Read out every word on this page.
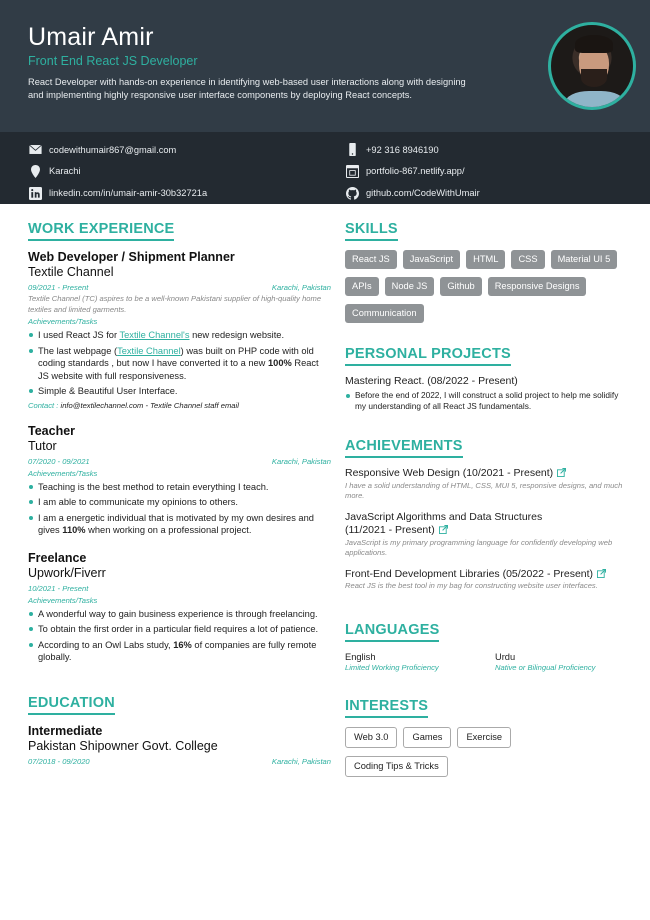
Umair Amir
Front End React JS Developer

React Developer with hands-on experience in identifying web-based user interactions along with designing and implementing highly responsive user interface components by deploying React concepts.

codewithumair867@gmail.com	+92 316 8946190
Karachi	portfolio-867.netlify.app/
linkedin.com/in/umair-amir-30b32721a	github.com/CodeWithUmair
WORK EXPERIENCE
Web Developer / Shipment Planner
Textile Channel
09/2021 - Present	Karachi, Pakistan
Textile Channel (TC) aspires to be a well-known Pakistani supplier of high-quality home textiles and limited garments.
Achievements/Tasks
I used React JS for Textile Channel's new redesign website.
The last webpage (Textile Channel) was built on PHP code with old coding standards , but now I have converted it to a new 100% React JS website with full responsiveness.
Simple & Beautiful User Interface.
Contact : info@textilechannel.com - Textile Channel staff email
Teacher
Tutor
07/2020 - 09/2021	Karachi, Pakistan
Achievements/Tasks
Teaching is the best method to retain everything I teach.
I am able to communicate my opinions to others.
I am a energetic individual that is motivated by my own desires and gives 110% when working on a professional project.
Freelance
Upwork/Fiverr
10/2021 - Present
Achievements/Tasks
A wonderful way to gain business experience is through freelancing.
To obtain the first order in a particular field requires a lot of patience.
According to an Owl Labs study, 16% of companies are fully remote globally.
EDUCATION
Intermediate
Pakistan Shipowner Govt. College
07/2018 - 09/2020	Karachi, Pakistan
SKILLS
React JS	JavaScript	HTML	CSS	Material UI 5
APIs	Node JS	Github	Responsive Designs
Communication
PERSONAL PROJECTS
Mastering React. (08/2022 - Present)
Before the end of 2022, I will construct a solid project to help me solidify my understanding of all React JS fundamentals.
ACHIEVEMENTS
Responsive Web Design (10/2021 - Present)
I have a solid understanding of HTML, CSS, MUI 5, responsive designs, and much more.
JavaScript Algorithms and Data Structures (11/2021 - Present)
JavaScript is my primary programming language for confidently developing web applications.
Front-End Development Libraries (05/2022 - Present)
React JS is the best tool in my bag for constructing website user interfaces.
LANGUAGES
English
Limited Working Proficiency
Urdu
Native or Bilingual Proficiency
INTERESTS
Web 3.0	Games	Exercise
Coding Tips & Tricks
